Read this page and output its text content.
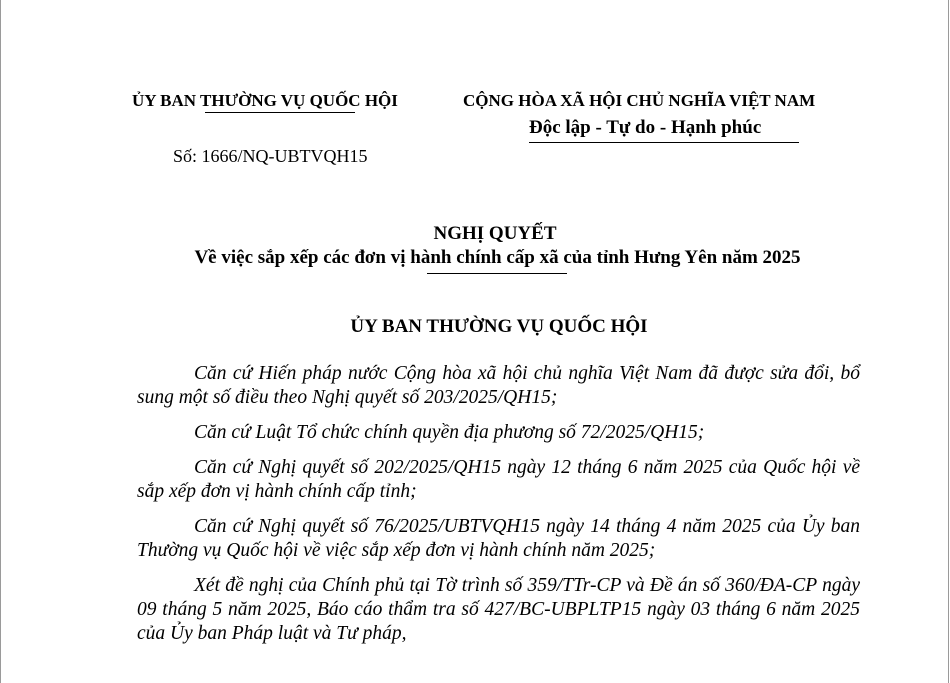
ỦY BAN THƯỜNG VỤ QUỐC HỘI
Số: 1666/NQ-UBTVQH15
CỘNG HÒA XÃ HỘI CHỦ NGHĨA VIỆT NAM
Độc lập - Tự do - Hạnh phúc
NGHỊ QUYẾT
Về việc sắp xếp các đơn vị hành chính cấp xã của tỉnh Hưng Yên năm 2025
ỦY BAN THƯỜNG VỤ QUỐC HỘI

Căn cứ Hiến pháp nước Cộng hòa xã hội chủ nghĩa Việt Nam đã được sửa đổi, bổ sung một số điều theo Nghị quyết số 203/2025/QH15;

Căn cứ Luật Tổ chức chính quyền địa phương số 72/2025/QH15;

Căn cứ Nghị quyết số 202/2025/QH15 ngày 12 tháng 6 năm 2025 của Quốc hội về sắp xếp đơn vị hành chính cấp tỉnh;

Căn cứ Nghị quyết số 76/2025/UBTVQH15 ngày 14 tháng 4 năm 2025 của Ủy ban Thường vụ Quốc hội về việc sắp xếp đơn vị hành chính năm 2025;

Xét đề nghị của Chính phủ tại Tờ trình số 359/TTr-CP và Đề án số 360/ĐA-CP ngày 09 tháng 5 năm 2025, Báo cáo thẩm tra số 427/BC-UBPLTP15 ngày 03 tháng 6 năm 2025 của Ủy ban Pháp luật và Tư pháp,
